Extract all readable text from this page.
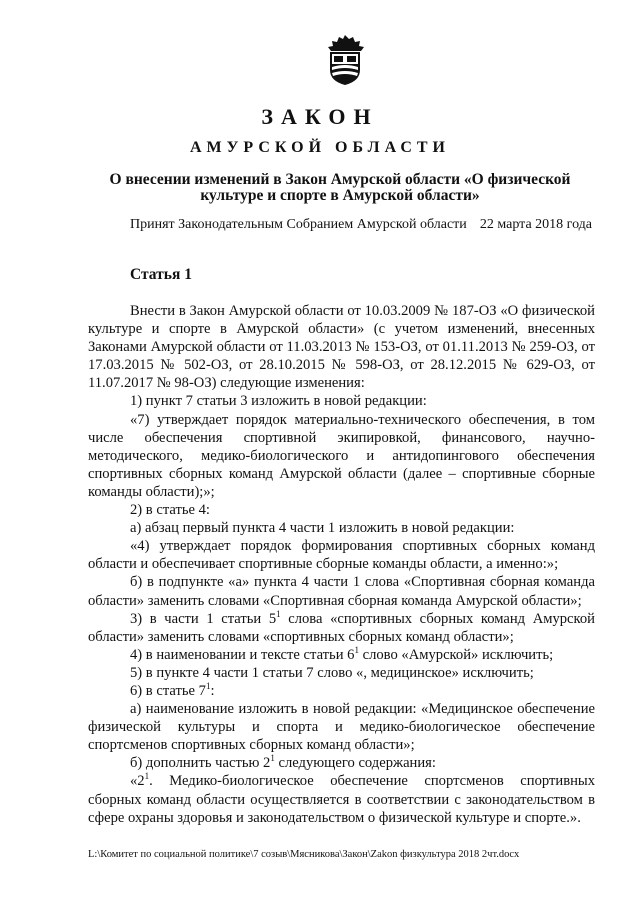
ЗАКОН
АМУРСКОЙ ОБЛАСТИ
О внесении изменений в Закон Амурской области «О физической культуре и спорте в Амурской области»
Принят Законодательным Собранием Амурской области 22 марта 2018 года
Статья 1
Внести в Закон Амурской области от 10.03.2009 № 187-ОЗ «О физической культуре и спорте в Амурской области» (с учетом изменений, внесенных Законами Амурской области от 11.03.2013 № 153-ОЗ, от 01.11.2013 № 259-ОЗ, от 17.03.2015 № 502-ОЗ, от 28.10.2015 № 598-ОЗ, от 28.12.2015 № 629-ОЗ, от 11.07.2017 № 98-ОЗ) следующие изменения:
1) пункт 7 статьи 3 изложить в новой редакции:
«7) утверждает порядок материально-технического обеспечения, в том числе обеспечения спортивной экипировкой, финансового, научно-методического, медико-биологического и антидопингового обеспечения спортивных сборных команд Амурской области (далее – спортивные сборные команды области);»;
2) в статье 4:
а) абзац первый пункта 4 части 1 изложить в новой редакции:
«4) утверждает порядок формирования спортивных сборных команд области и обеспечивает спортивные сборные команды области, а именно:»;
б) в подпункте «а» пункта 4 части 1 слова «Спортивная сборная команда области» заменить словами «Спортивная сборная команда Амурской области»;
3) в части 1 статьи $5^1$ слова «спортивных сборных команд Амурской области» заменить словами «спортивных сборных команд области»;
4) в наименовании и тексте статьи $6^1$ слово «Амурской» исключить;
5) в пункте 4 части 1 статьи 7 слово «, медицинское» исключить;
6) в статье $7^1$:
а) наименование изложить в новой редакции: «Медицинское обеспечение физической культуры и спорта и медико-биологическое обеспечение спортсменов спортивных сборных команд области»;
б) дополнить частью $2^1$ следующего содержания:
«$2^1$. Медико-биологическое обеспечение спортсменов спортивных сборных команд области осуществляется в соответствии с законодательством в сфере охраны здоровья и законодательством о физической культуре и спорте.».
L:\Комитет по социальной политике\7 созыв\Мясникова\Закон\Zakon физкультура 2018 2чт.docx
